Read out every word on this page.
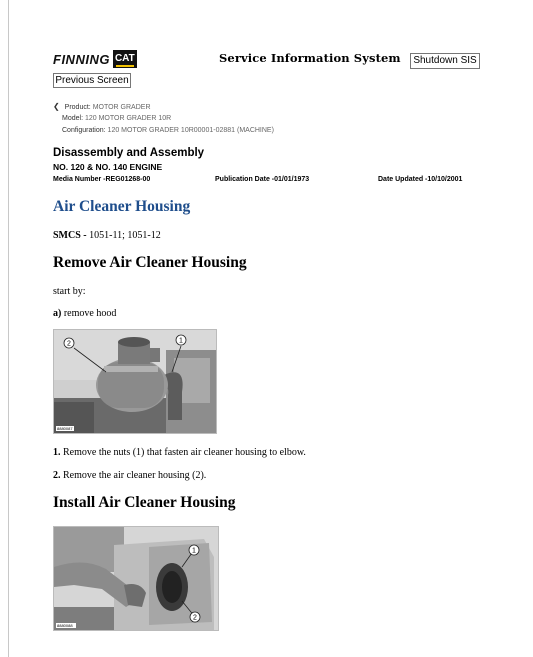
FINNING CAT	Service Information System	Shutdown SIS
Previous Screen
❮ Product: MOTOR GRADER
Model: 120 MOTOR GRADER 10R
Configuration: 120 MOTOR GRADER 10R00001-02881 (MACHINE)
Disassembly and Assembly
NO. 120 & NO. 140 ENGINE
Media Number -REG01268-00	Publication Date -01/01/1973	Date Updated -10/10/2001
Air Cleaner Housing
SMCS - 1051-11; 1051-12
Remove Air Cleaner Housing
start by:
a) remove hood
2	1
8880087
1. Remove the nuts (1) that fasten air cleaner housing to elbow.
2. Remove the air cleaner housing (2).
Install Air Cleaner Housing
1
2
8880088
